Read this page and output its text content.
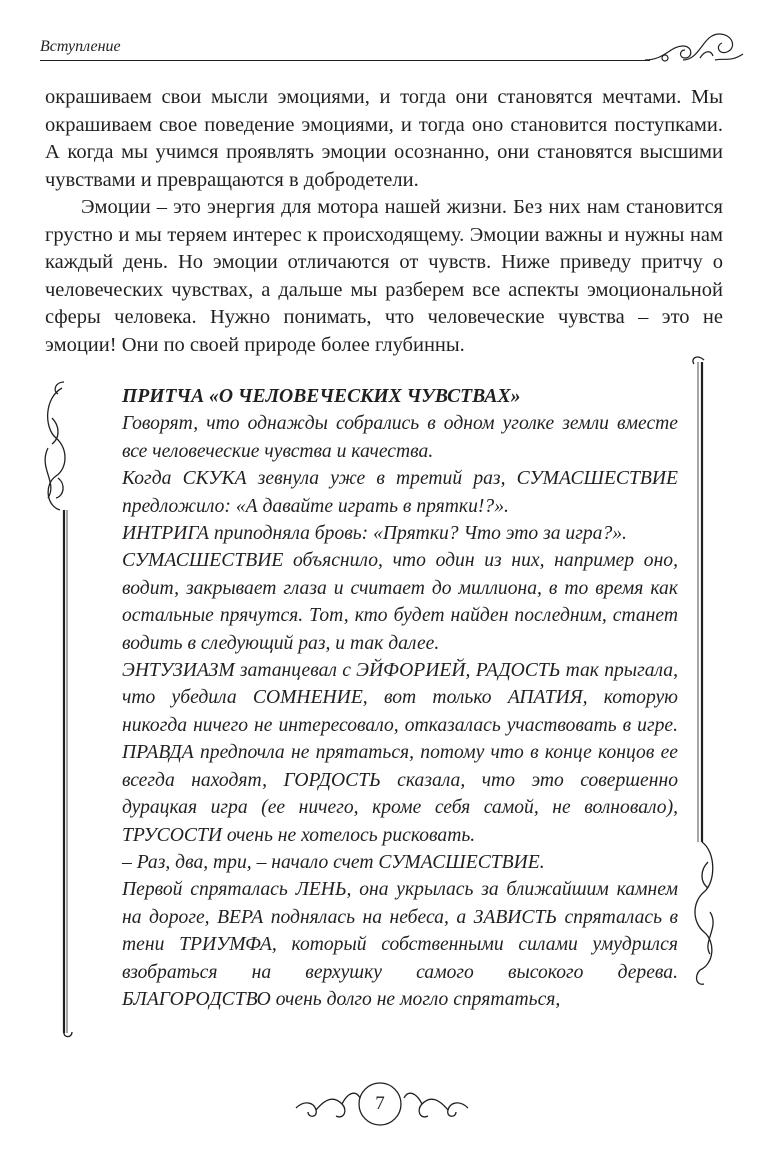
Вступление

окрашиваем свои мысли эмоциями, и тогда они становятся мечтами. Мы окрашиваем свое поведение эмоциями, и тогда оно становится поступками. А когда мы учимся проявлять эмоции осознанно, они становятся высшими чувствами и превращаются в добродетели.

Эмоции – это энергия для мотора нашей жизни. Без них нам становится грустно и мы теряем интерес к происходящему. Эмоции важны и нужны нам каждый день. Но эмоции отличаются от чувств. Ниже приведу притчу о человеческих чувствах, а дальше мы разберем все аспекты эмоциональной сферы человека. Нужно понимать, что человеческие чувства – это не эмоции! Они по своей природе более глубинны.

ПРИТЧА «О ЧЕЛОВЕЧЕСКИХ ЧУВСТВАХ»

Говорят, что однажды собрались в одном уголке земли вместе все человеческие чувства и качества.

Когда СКУКА зевнула уже в третий раз, СУМАСШЕСТВИЕ предложило: «А давайте играть в прятки!?».

ИНТРИГА приподняла бровь: «Прятки? Что это за игра?».

СУМАСШЕСТВИЕ объяснило, что один из них, например оно, водит, закрывает глаза и считает до миллиона, в то время как остальные прячутся. Тот, кто будет найден последним, станет водить в следующий раз, и так далее.

ЭНТУЗИАЗМ затанцевал с ЭЙФОРИЕЙ, РАДОСТЬ так прыгала, что убедила СОМНЕНИЕ, вот только АПАТИЯ, которую никогда ничего не интересовало, отказалась участвовать в игре. ПРАВДА предпочла не прятаться, потому что в конце концов ее всегда находят, ГОРДОСТЬ сказала, что это совершенно дурацкая игра (ее ничего, кроме себя самой, не волновало), ТРУСОСТИ очень не хотелось рисковать.

– Раз, два, три, – начало счет СУМАСШЕСТВИЕ.

Первой спряталась ЛЕНЬ, она укрылась за ближайшим камнем на дороге, ВЕРА поднялась на небеса, а ЗАВИСТЬ спряталась в тени ТРИУМФА, который собственными силами умудрился взобраться на верхушку самого высокого дерева. БЛАГОРОДСТВО очень долго не могло спрятаться,

7
